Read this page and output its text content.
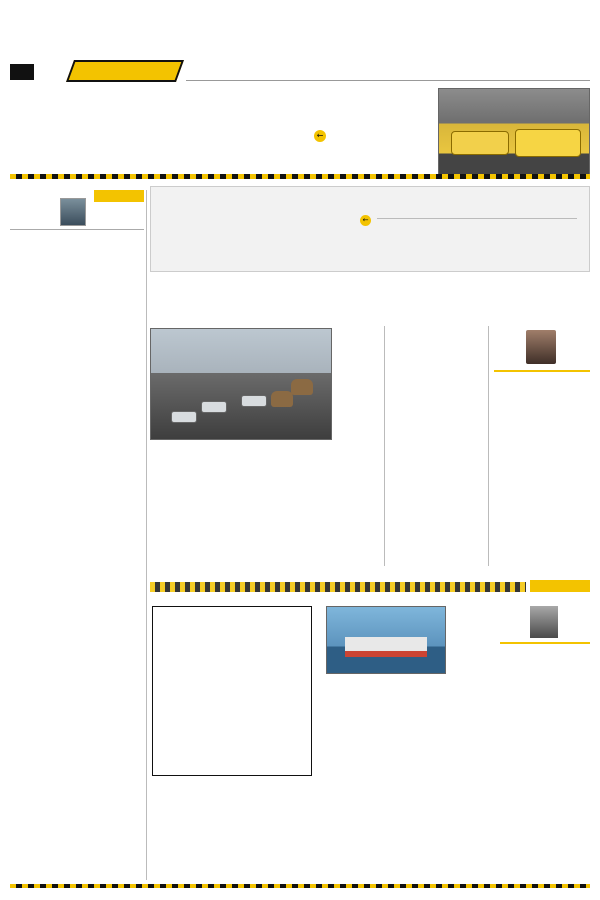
←
←
